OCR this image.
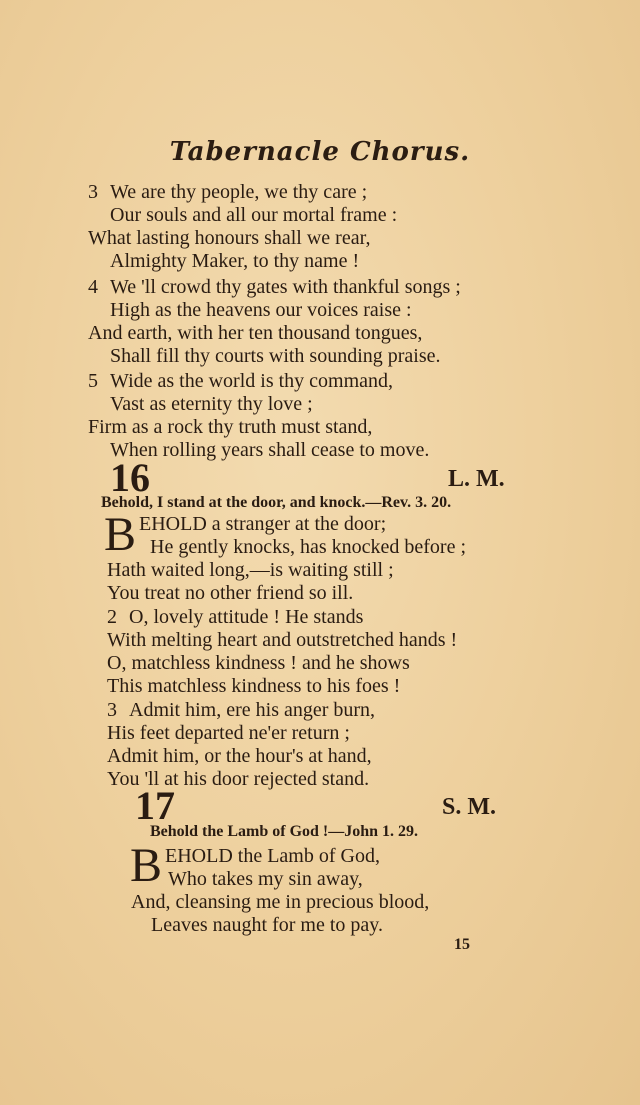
Tabernacle Chorus.
3 We are thy people, we thy care ;
Our souls and all our mortal frame :
What lasting honours shall we rear,
Almighty Maker, to thy name !
4 We 'll crowd thy gates with thankful songs ;
High as the heavens our voices raise :
And earth, with her ten thousand tongues,
Shall fill thy courts with sounding praise.
5 Wide as the world is thy command,
Vast as eternity thy love ;
Firm as a rock thy truth must stand,
When rolling years shall cease to move.
16	L. M.
Behold, I stand at the door, and knock.—Rev. 3. 20.
B EHOLD a stranger at the door;
He gently knocks, has knocked before ;
Hath waited long,—is waiting still ;
You treat no other friend so ill.
2 O, lovely attitude ! He stands
With melting heart and outstretched hands !
O, matchless kindness ! and he shows
This matchless kindness to his foes !
3 Admit him, ere his anger burn,
His feet departed ne'er return ;
Admit him, or the hour's at hand,
You 'll at his door rejected stand.
17	S. M.
Behold the Lamb of God !—John 1. 29.
B EHOLD the Lamb of God,
Who takes my sin away,
And, cleansing me in precious blood,
Leaves naught for me to pay.
15
